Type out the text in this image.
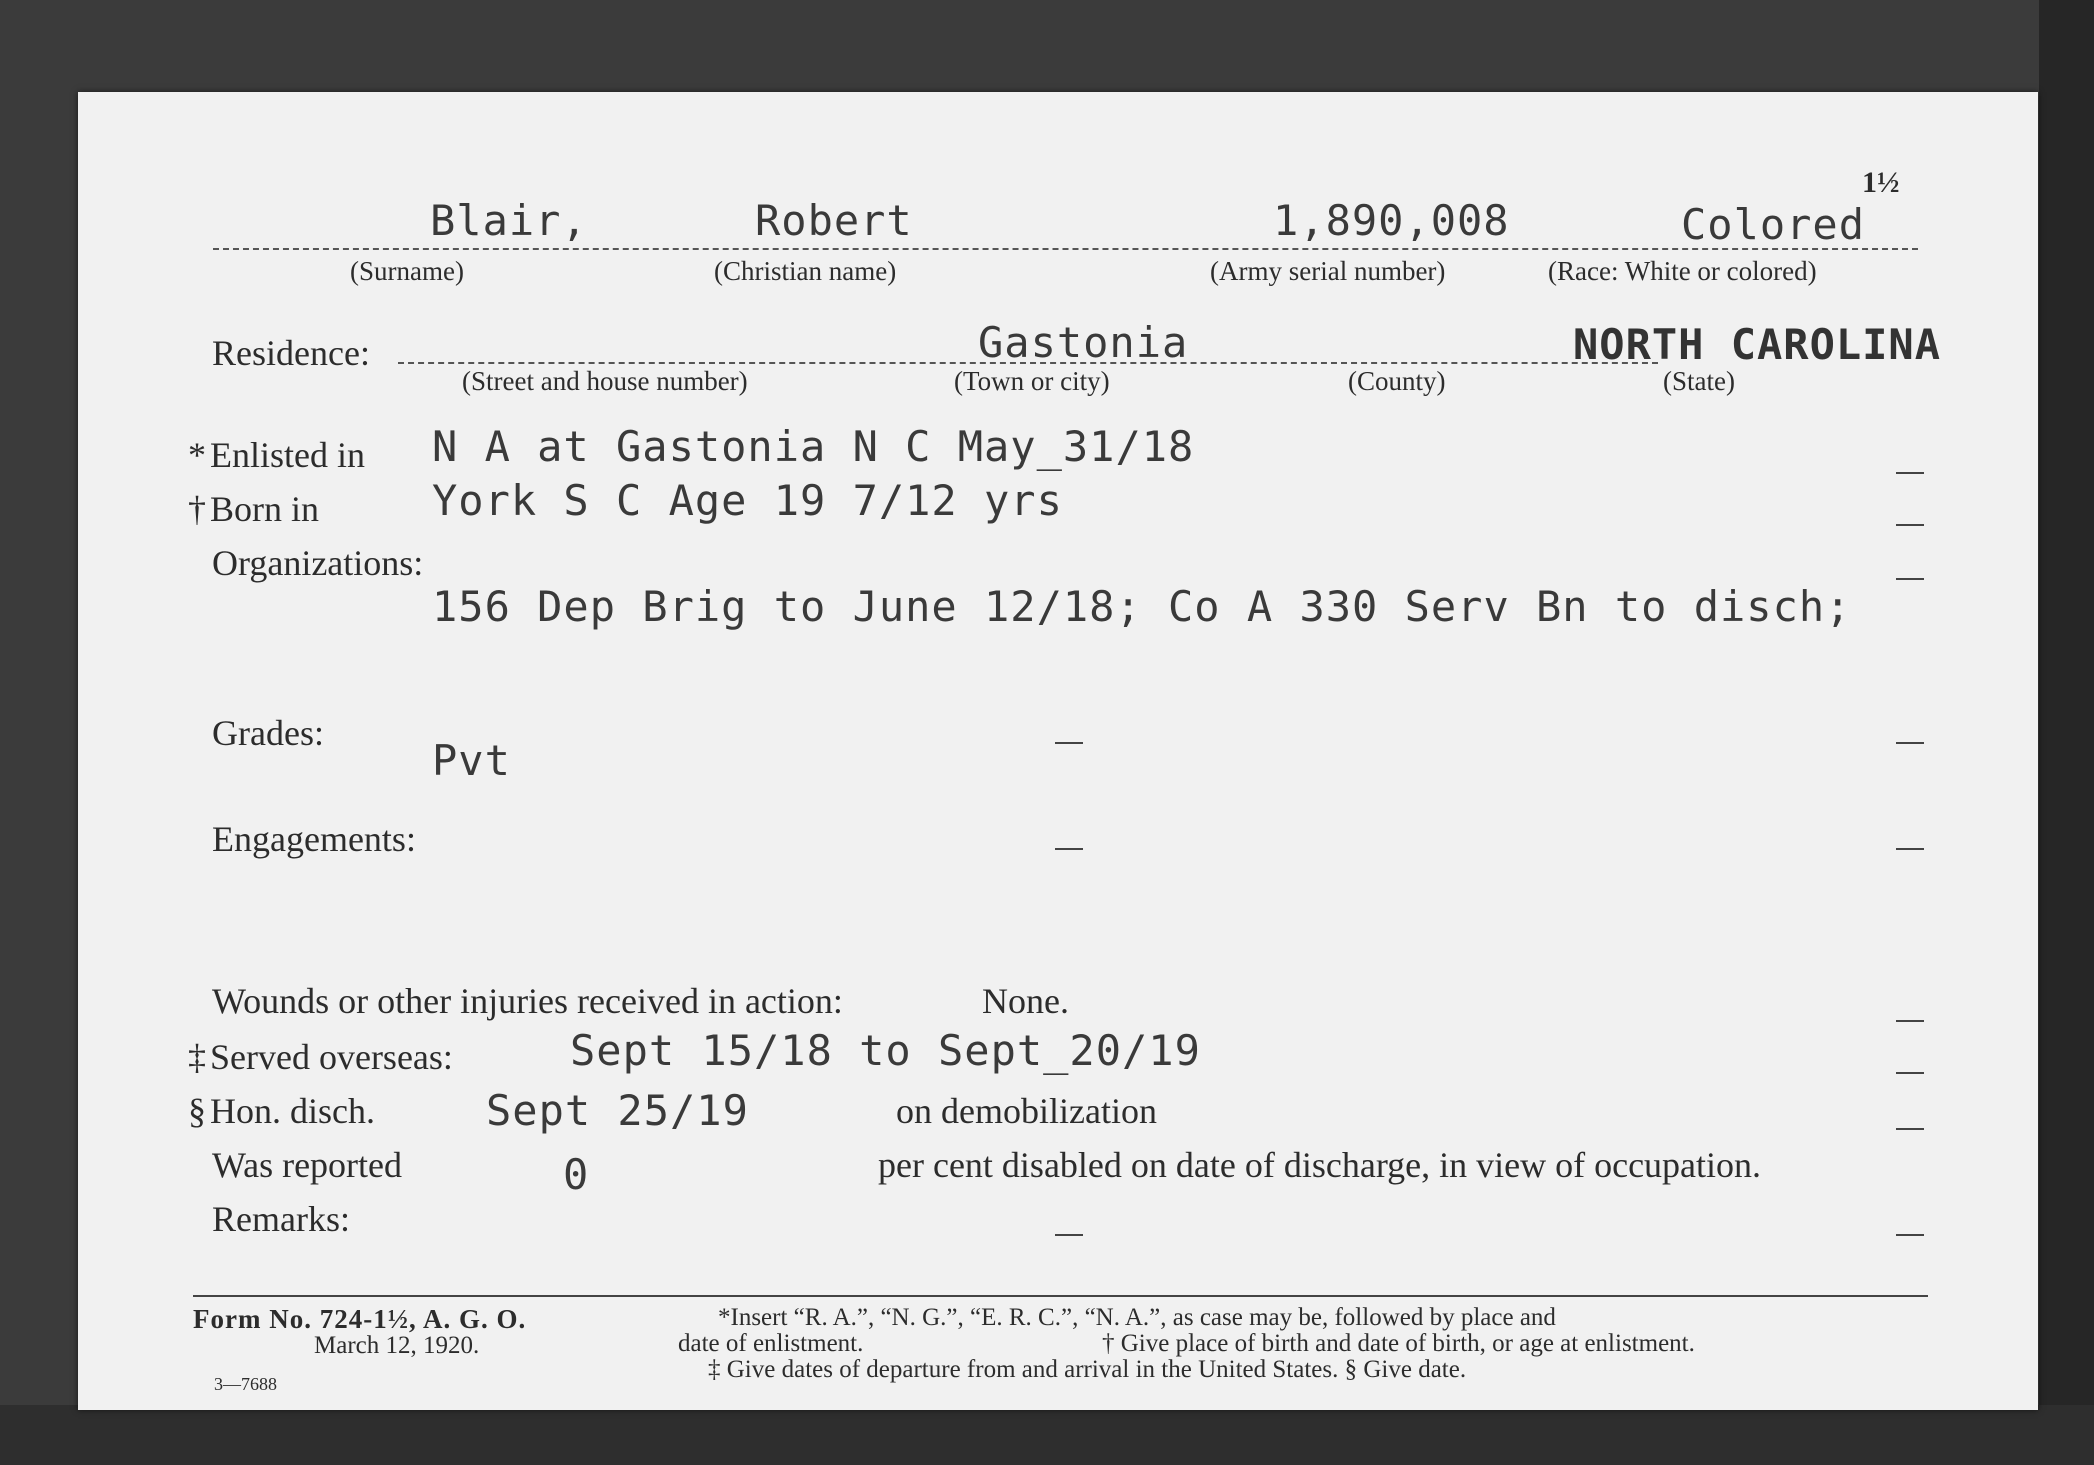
1½
Blair,	Robert	1,890,008	Colored
(Surname)	(Christian name)	(Army serial number)	(Race: White or colored)
Residence:	Gastonia	NORTH CAROLINA
(Street and house number)	(Town or city)	(County)	(State)
* Enlisted in N A at Gastonia N C May_31/18
† Born in	York S C Age 19 7/12 yrs
Organizations:
156 Dep Brig to June 12/18; Co A 330 Serv Bn to disch;
Grades:
Pvt
Engagements:
Wounds or other injuries received in action:	None.
‡ Served overseas:	Sept 15/18 to Sept_20/19
§ Hon. disch.	Sept 25/19	on demobilization
Was reported	0	per cent disabled on date of discharge, in view of occupation.
Remarks:
Form No. 724-1½, A. G. O.
March 12, 1920.
3—7688
*Insert “R. A.”, “N. G.”, “E. R. C.”, “N. A.”, as case may be, followed by place and
date of enlistment.	† Give place of birth and date of birth, or age at enlistment.
‡ Give dates of departure from and arrival in the United States. § Give date.
